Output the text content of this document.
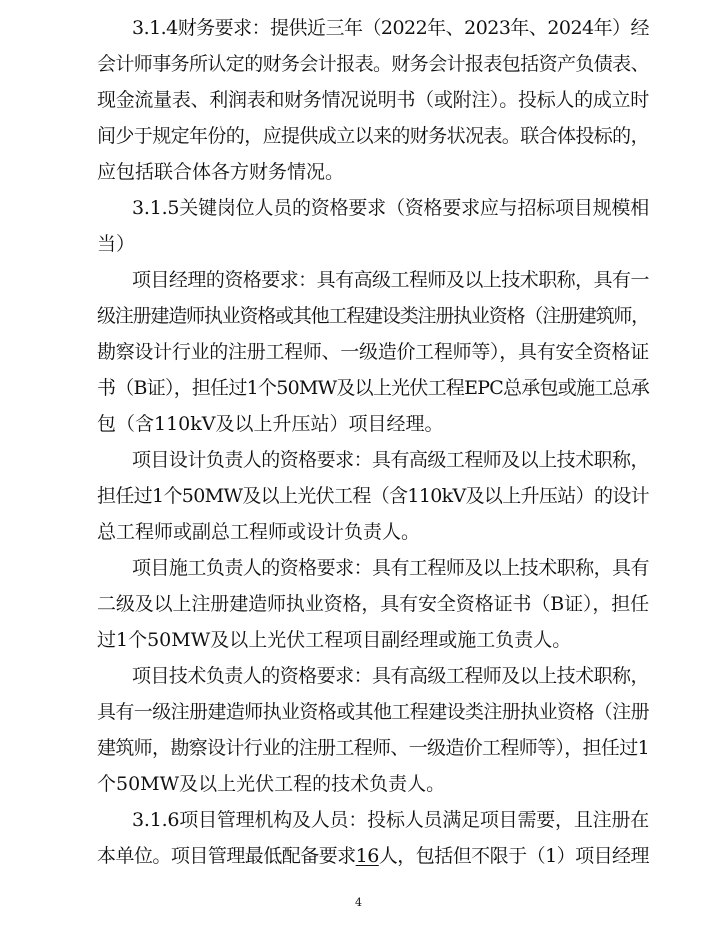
3.1.4财务要求：提供近三年（2022年、2023年、2024年）经
会计师事务所认定的财务会计报表。财务会计报表包括资产负债表、
现金流量表、利润表和财务情况说明书（或附注）。投标人的成立时
间少于规定年份的，应提供成立以来的财务状况表。联合体投标的，
应包括联合体各方财务情况。
3.1.5关键岗位人员的资格要求（资格要求应与招标项目规模相
当）
项目经理的资格要求：具有高级工程师及以上技术职称，具有一
级注册建造师执业资格或其他工程建设类注册执业资格（注册建筑师，
勘察设计行业的注册工程师、一级造价工程师等），具有安全资格证
书（B证），担任过1个50MW及以上光伏工程EPC总承包或施工总承
包（含110kV及以上升压站）项目经理。
项目设计负责人的资格要求：具有高级工程师及以上技术职称，
担任过1个50MW及以上光伏工程（含110kV及以上升压站）的设计
总工程师或副总工程师或设计负责人。
项目施工负责人的资格要求：具有工程师及以上技术职称，具有
二级及以上注册建造师执业资格，具有安全资格证书（B证），担任
过1个50MW及以上光伏工程项目副经理或施工负责人。
项目技术负责人的资格要求：具有高级工程师及以上技术职称，
具有一级注册建造师执业资格或其他工程建设类注册执业资格（注册
建筑师，勘察设计行业的注册工程师、一级造价工程师等），担任过1
个50MW及以上光伏工程的技术负责人。
3.1.6项目管理机构及人员：投标人员满足项目需要，且注册在
本单位。项目管理最低配备要求16人，包括但不限于（1）项目经理
4
